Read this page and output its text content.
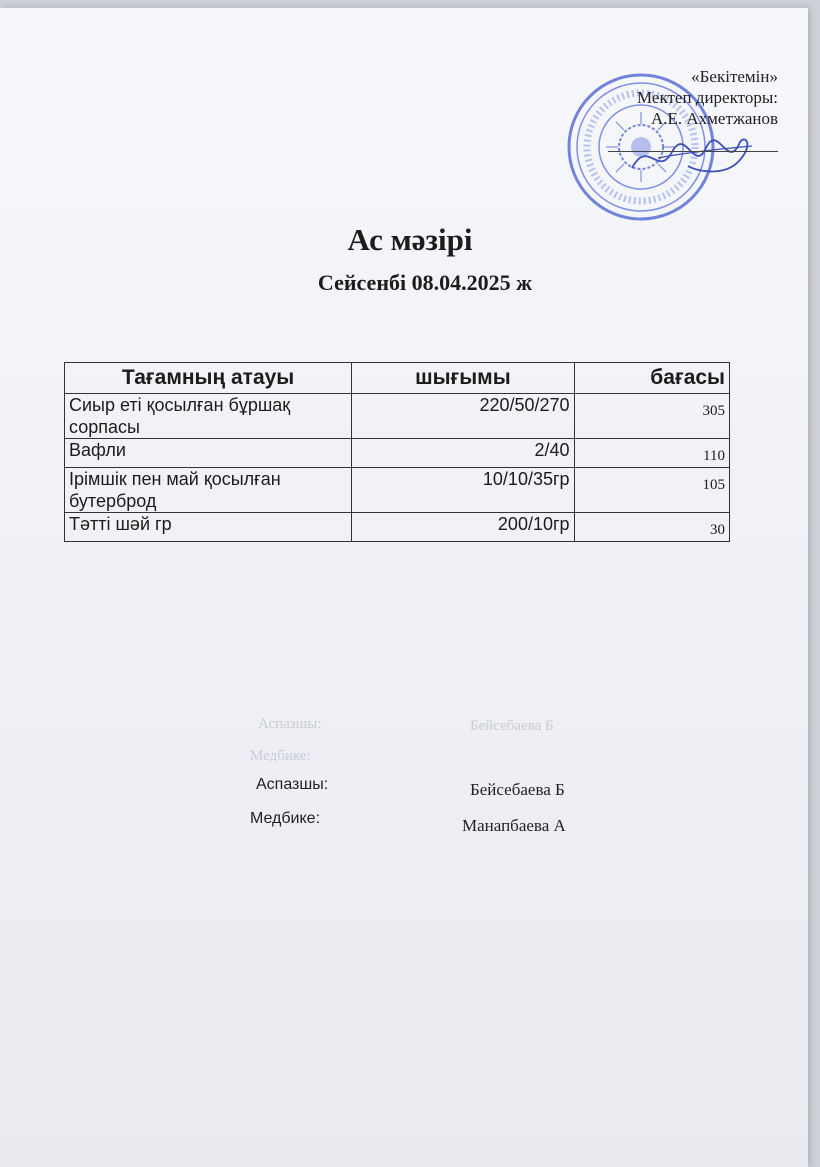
Аспазшы:	Бейсебаева Б
Медбике:
«Бекітемін»
Мектеп директоры:
А.Е. Ахметжанов
Ас мәзірі
Сейсенбі 08.04.2025 ж
Тағамның атауы	шығымы	бағасы
Сиыр еті қосылған бұршақ сорпасы	220/50/270	305
Вафли	2/40	110
Ірімшік пен май қосылған бутерброд	10/10/35гр	105
Тәтті шәй гр	200/10гр	30
Аспазшы:	Бейсебаева Б
Медбике:	Манапбаева А
